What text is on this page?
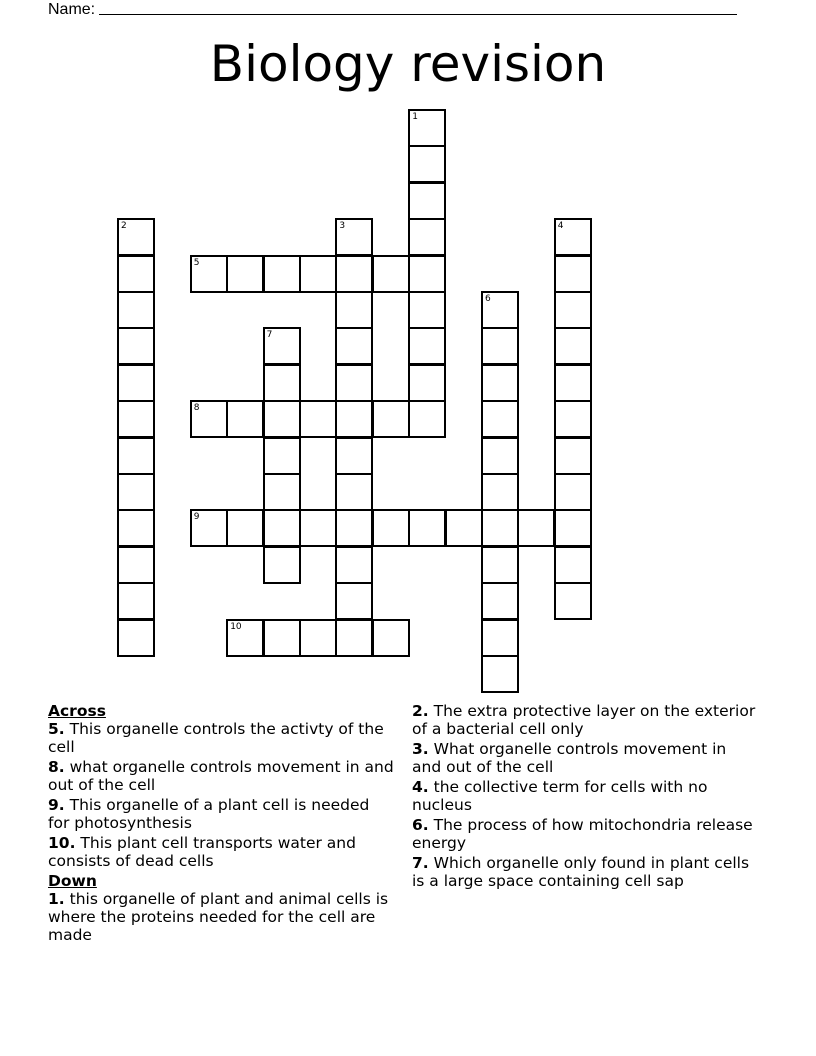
Name:
Biology revision
1
2	3	4
5
6
7
8
9
10
Across
5. This organelle controls the activty of the cell
8. what organelle controls movement in and out of the cell
9. This organelle of a plant cell is needed for photosynthesis
10. This plant cell transports water and consists of dead cells
Down
1. this organelle of plant and animal cells is where the proteins needed for the cell are made
2. The extra protective layer on the exterior of a bacterial cell only
3. What organelle controls movement in and out of the cell
4. the collective term for cells with no nucleus
6. The process of how mitochondria release energy
7. Which organelle only found in plant cells is a large space containing cell sap
